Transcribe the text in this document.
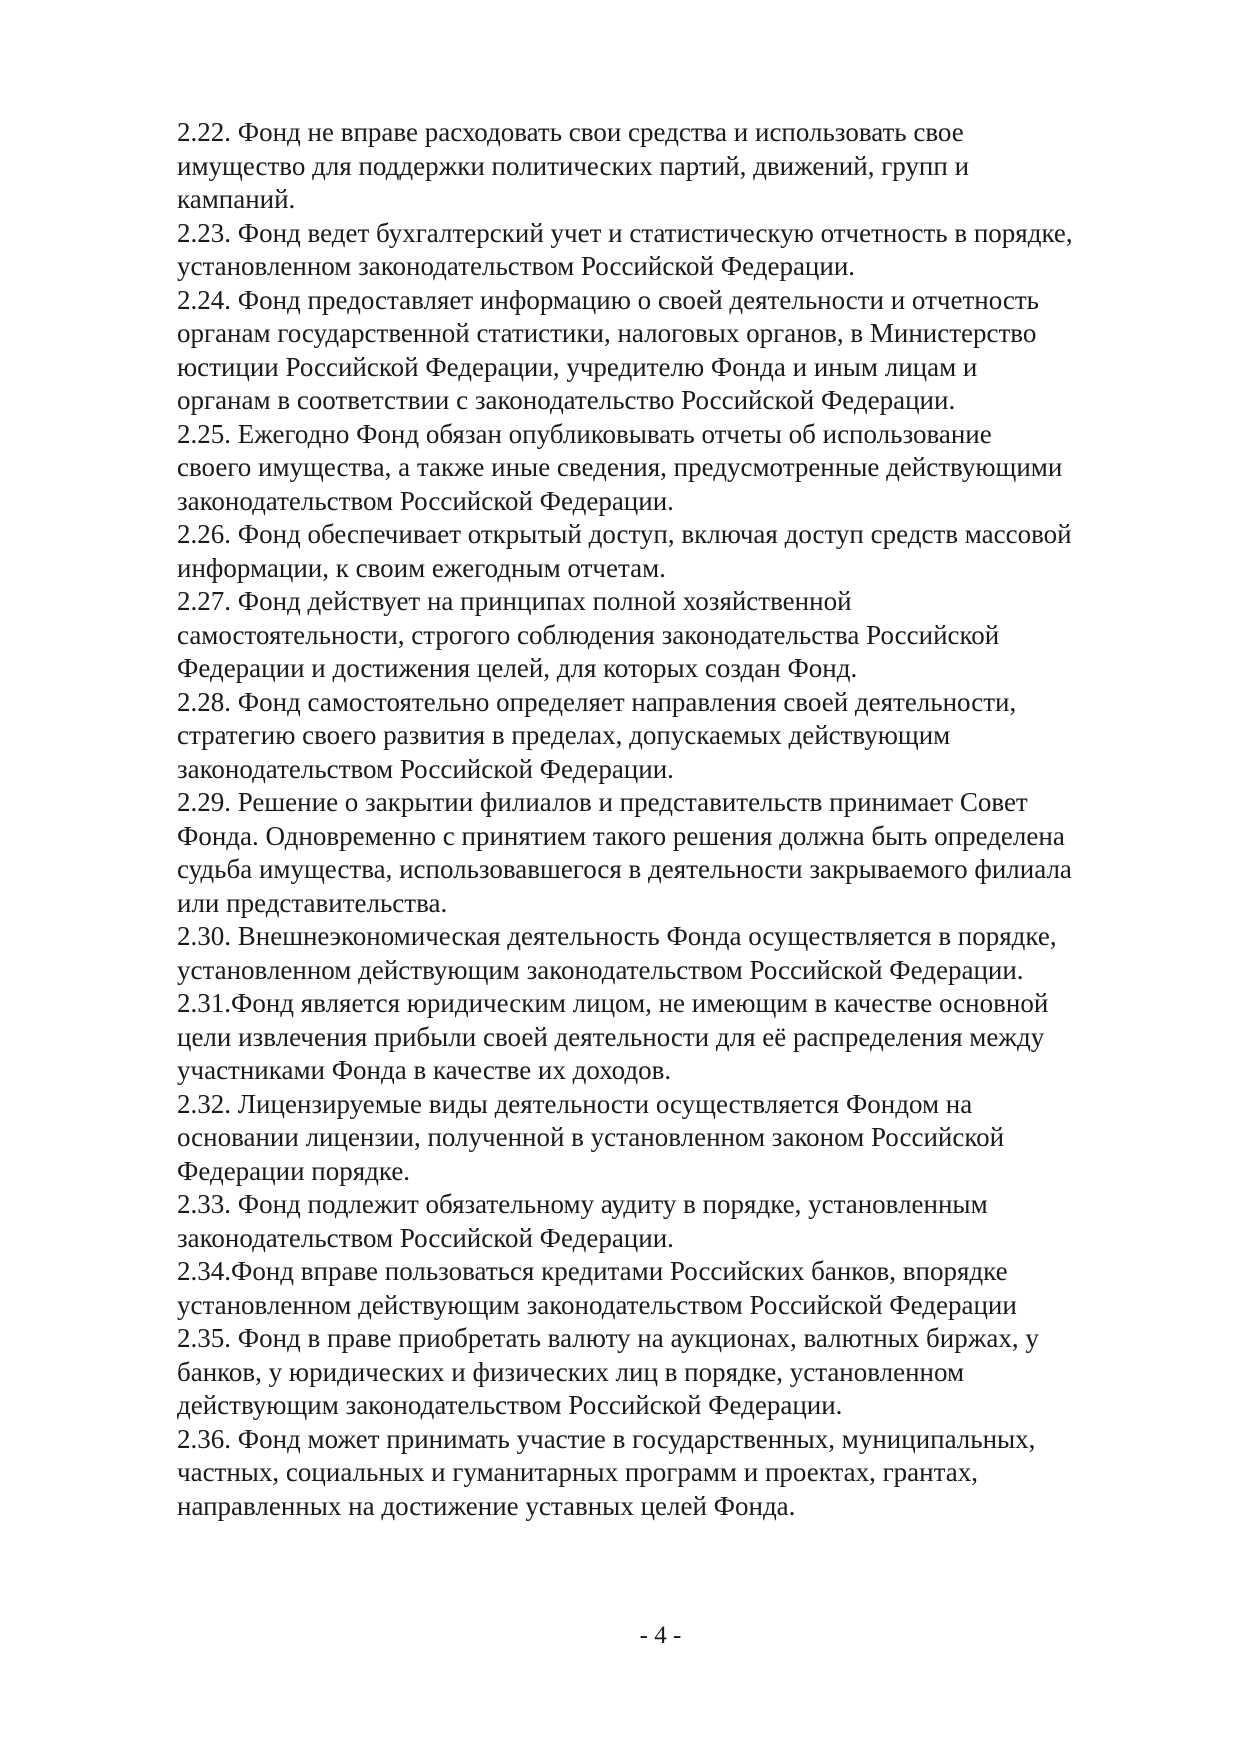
2.22. Фонд не вправе расходовать свои средства и использовать свое
имущество для поддержки политических партий, движений, групп и
кампаний.
2.23. Фонд ведет бухгалтерский учет и статистическую отчетность в порядке,
установленном законодательством Российской Федерации.
2.24. Фонд предоставляет информацию о своей деятельности и отчетность
органам государственной статистики, налоговых органов, в Министерство
юстиции Российской Федерации, учредителю Фонда и иным лицам и
органам в соответствии с законодательство Российской Федерации.
2.25. Ежегодно Фонд обязан опубликовывать отчеты об использование
своего имущества, а также иные сведения, предусмотренные действующими
законодательством Российской Федерации.
2.26. Фонд обеспечивает открытый доступ, включая доступ средств массовой
информации, к своим ежегодным отчетам.
2.27. Фонд действует на принципах полной хозяйственной
самостоятельности, строгого соблюдения законодательства Российской
Федерации и достижения целей, для которых создан Фонд.
2.28. Фонд самостоятельно определяет направления своей деятельности,
стратегию своего развития в пределах, допускаемых действующим
законодательством Российской Федерации.
2.29. Решение о закрытии филиалов и представительств принимает Совет
Фонда. Одновременно с принятием такого решения должна быть определена
судьба имущества, использовавшегося в деятельности закрываемого филиала
или представительства.
2.30. Внешнеэкономическая деятельность Фонда осуществляется в порядке,
установленном действующим законодательством Российской Федерации.
2.31.Фонд является юридическим лицом, не имеющим в качестве основной
цели извлечения прибыли своей деятельности для её распределения между
участниками Фонда в качестве их доходов.
2.32. Лицензируемые виды деятельности осуществляется Фондом на
основании лицензии, полученной в установленном законом Российской
Федерации порядке.
2.33. Фонд подлежит обязательному аудиту в порядке, установленным
законодательством Российской Федерации.
2.34.Фонд вправе пользоваться кредитами Российских банков, впорядке
установленном действующим законодательством Российской Федерации
2.35. Фонд в праве приобретать валюту на аукционах, валютных биржах, у
банков, у юридических и физических лиц в порядке, установленном
действующим законодательством Российской Федерации.
2.36. Фонд может принимать участие в государственных, муниципальных,
частных, социальных и гуманитарных программ и проектах, грантах,
направленных на достижение уставных целей Фонда.
- 4 -
